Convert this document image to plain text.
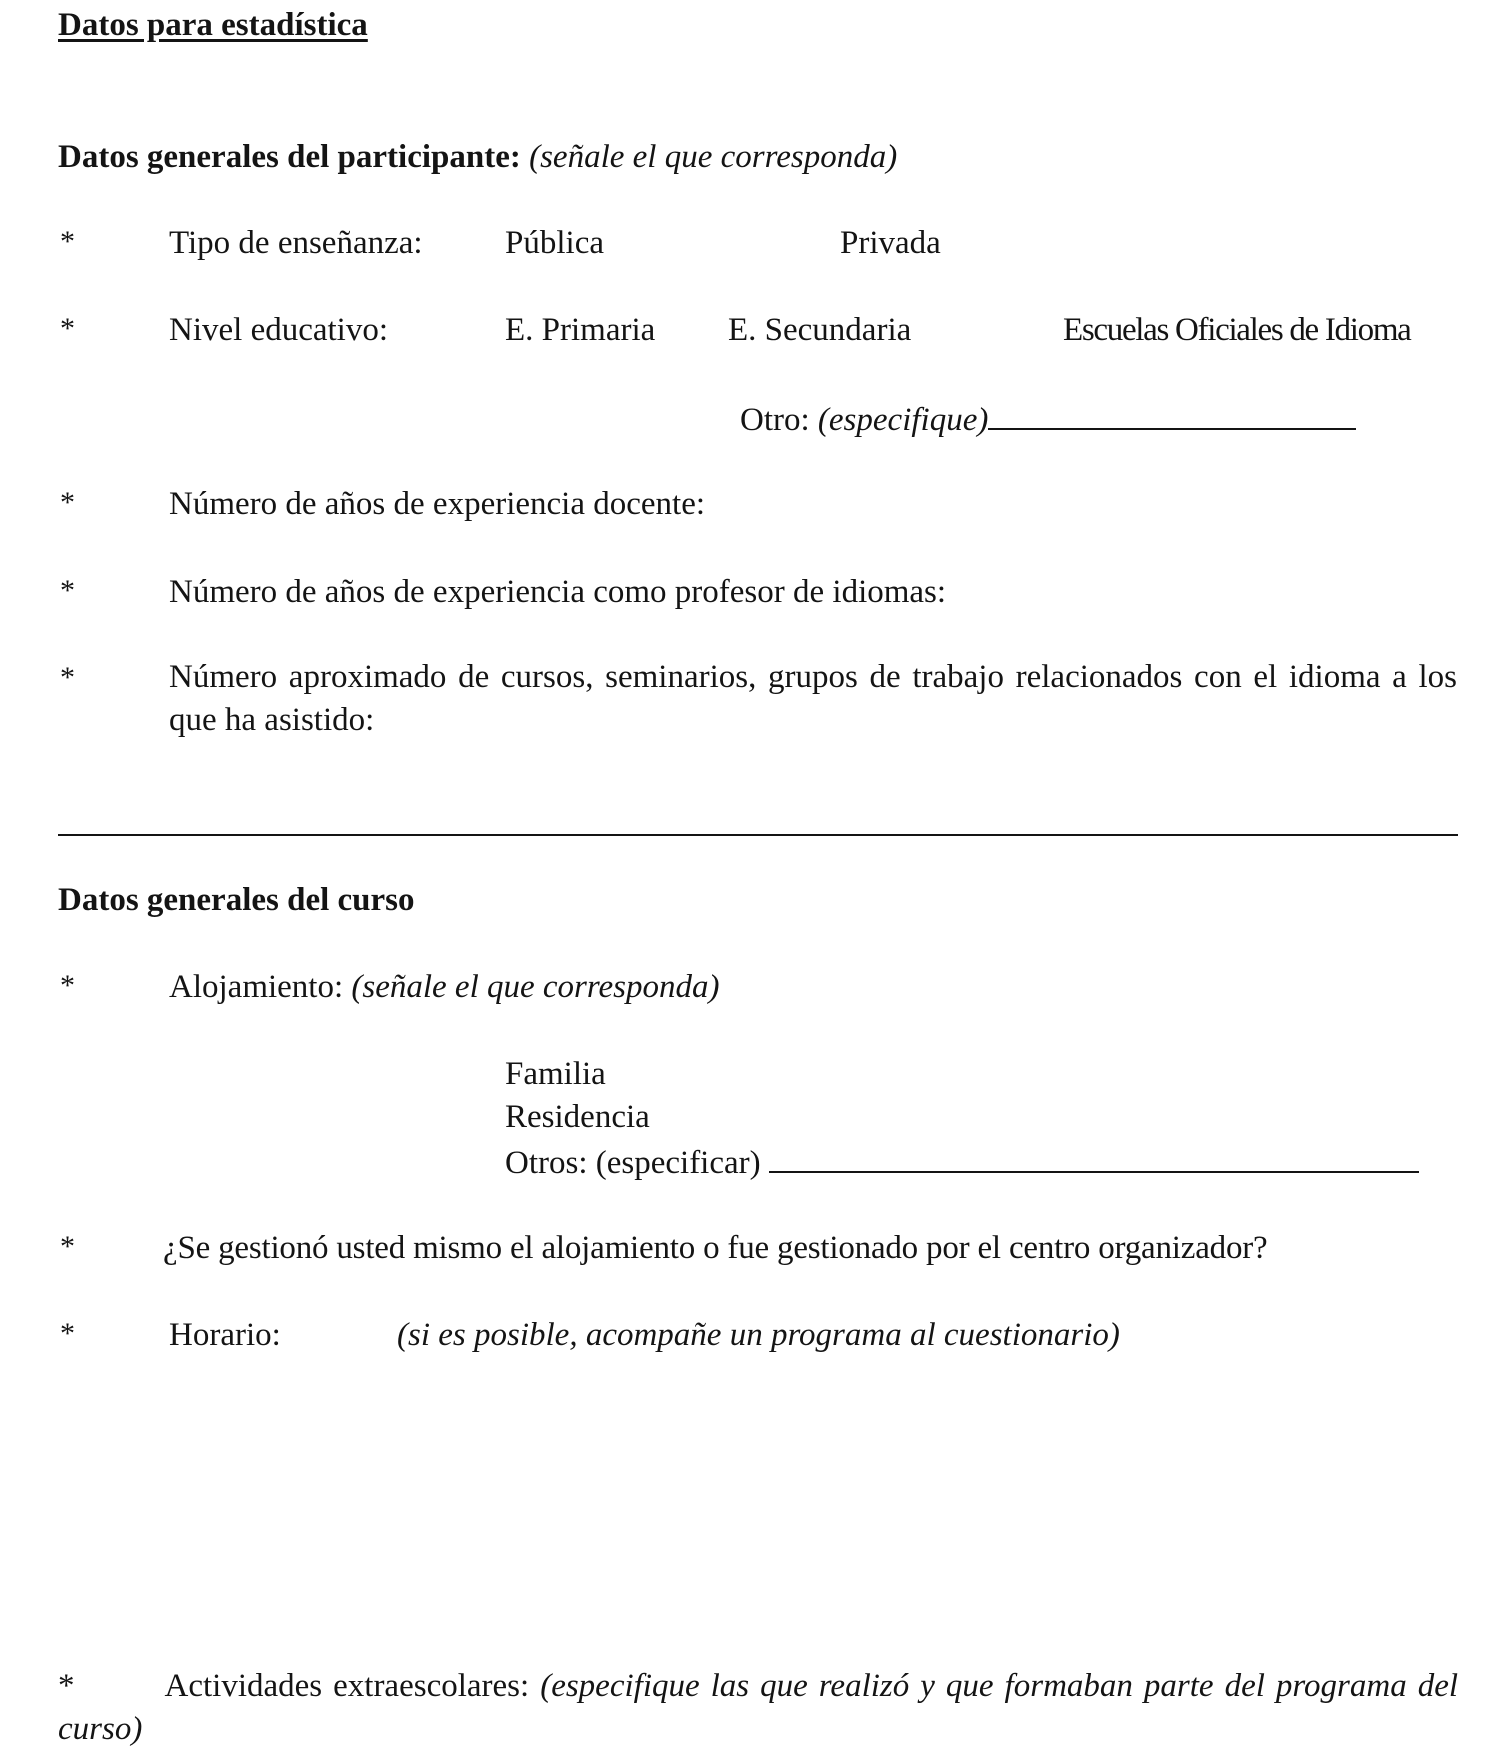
Datos para estadística
Datos generales del participante: (señale el que corresponda)
*	Tipo de enseñanza: Pública	Privada
*	Nivel educativo:	E. Primaria E. Secundaria	Escuelas Oficiales de Idioma
Otro: (especifique)
*	Número de años de experiencia docente:
*	Número de años de experiencia como profesor de idiomas:
*	Número aproximado de cursos, seminarios, grupos de trabajo relacionados con el idioma a los que ha asistido:
Datos generales del curso
*	Alojamiento: (señale el que corresponda)
Familia
Residencia
Otros: (especificar)
*	¿Se gestionó usted mismo el alojamiento o fue gestionado por el centro organizador?
*	Horario:	(si es posible, acompañe un programa al cuestionario)
*	Actividades extraescolares: (especifique las que realizó y que formaban parte del programa del curso)
